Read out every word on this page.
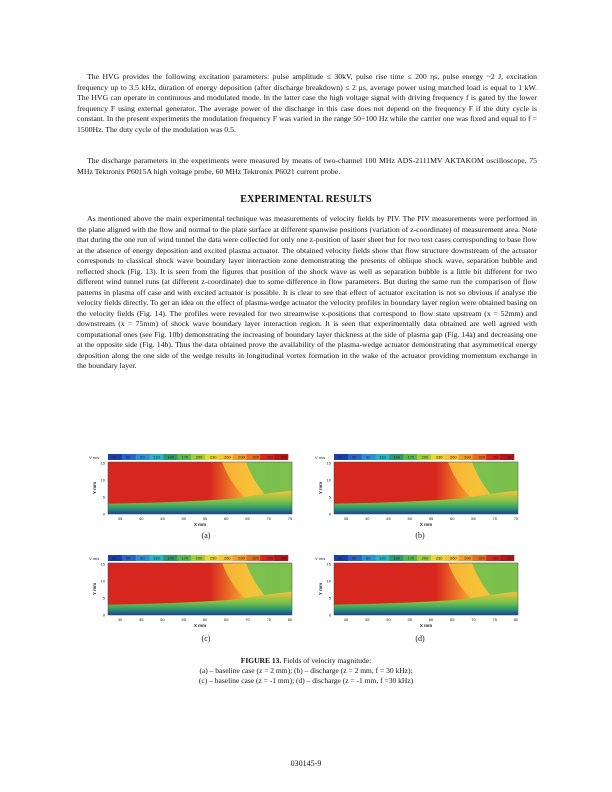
The HVG provides the following excitation parameters: pulse amplitude ≤ 30kV, pulse rise time ≤ 200 ηs, pulse energy ~2 J, excitation frequency up to 3.5 kHz, duration of energy deposition (after discharge breakdown) ≤ 2 µs, average power using matched load is equal to 1 kW. The HVG can operate in continuous and modulated mode. In the latter case the high voltage signal with driving frequency f is gated by the lower frequency F using external generator. The average power of the discharge in this case does not depend on the frequency F if the duty cycle is constant. In the present experiments the modulation frequency F was varied in the range 50÷100 Hz while the carrier one was fixed and equal to f = 1500Hz. The duty cycle of the modulation was 0.5.

The discharge parameters in the experiments were measured by means of two-channel 100 MHz ADS-2111MV AKTAKOM oscilloscope, 75 MHz Tektronix P6015A high voltage probe, 60 MHz Tektronix P6021 current probe.

EXPERIMENTAL RESULTS

As mentioned above the main experimental technique was measurements of velocity fields by PIV. The PIV measurements were performed in the plane aligned with the flow and normal to the plate surface at different spanwise positions (variation of z-coordinate) of measurement area. Note that during the one run of wind tunnel the data were collected for only one z-position of laser sheet but for two test cases corresponding to base flow at the absence of energy deposition and excited plasma actuator. The obtained velocity fields show that flow structure downstream of the actuator corresponds to classical shock wave boundary layer interaction zone demonstrating the presents of oblique shock wave, separation bubble and reflected shock (Fig. 13). It is seen from the figures that position of the shock wave as well as separation bubble is a little bit different for two different wind tunnel runs (at different z-coordinate) due to some difference in flow parameters. But during the same run the comparison of flow patterns in plasma off case and with excited actuator is possible. It is clear to see that effect of actuator excitation is not so obvious if analyse the velocity fields directly. To get an idea on the effect of plasma-wedge actuator the velocity profiles in boundary layer region were obtained basing on the velocity fields (Fig. 14). The profiles were revealed for two streamwise x-positions that correspond to flow state upstream (x = 52mm) and downstream (x = 75mm) of shock wave boundary layer interaction region. It is seen that experimentally data obtained are well agreed with computational ones (see Fig. 10b) demonstrating the increasing of boundary layer thickness at the side of plasma gap (Fig. 14a) and decreasing one at the opposite side (Fig. 14b). Thus the data obtained prove the availability of the plasma-wedge actuator demonstrating that asymmetrical energy deposition along the one side of the wedge results in longitudinal vortex formation in the wake of the actuator providing momentum exchange in the boundary layer.

V m/s	20 50 80 110 140 170 200 230 260 290 320 350 380
0
5
10
15
Y mm
35	40	45	50	55	60	65	70	75
X mm
(a)
V m/s	20 50 80 110 140 170 200 230 260 290 320 350 380
0
5
10
15
Y mm
35	40	45	50	55	60	65	70	75
X mm
(b)
V m/s	20 50 80 110 140 170 200 230 260 290 320 350 380
0
5
10
15
Y mm
40	45	50	55	60	65	70	75	80
X mm
(c)
V m/s	20 50 80 110 140 170 200 230 260 290 320 350 380
0
5
10
15
Y mm
40	45	50	55	60	65	70	75	80
X mm
(d)
FIGURE 13. Fields of velocity magnitude:
(a) – baseline case (z = 2 mm); (b) – discharge (z = 2 mm, f = 30 kHz);
(c) – baseline case (z = -1 mm); (d) – discharge (z = -1 mm, f =30 kHz)
030145-9
